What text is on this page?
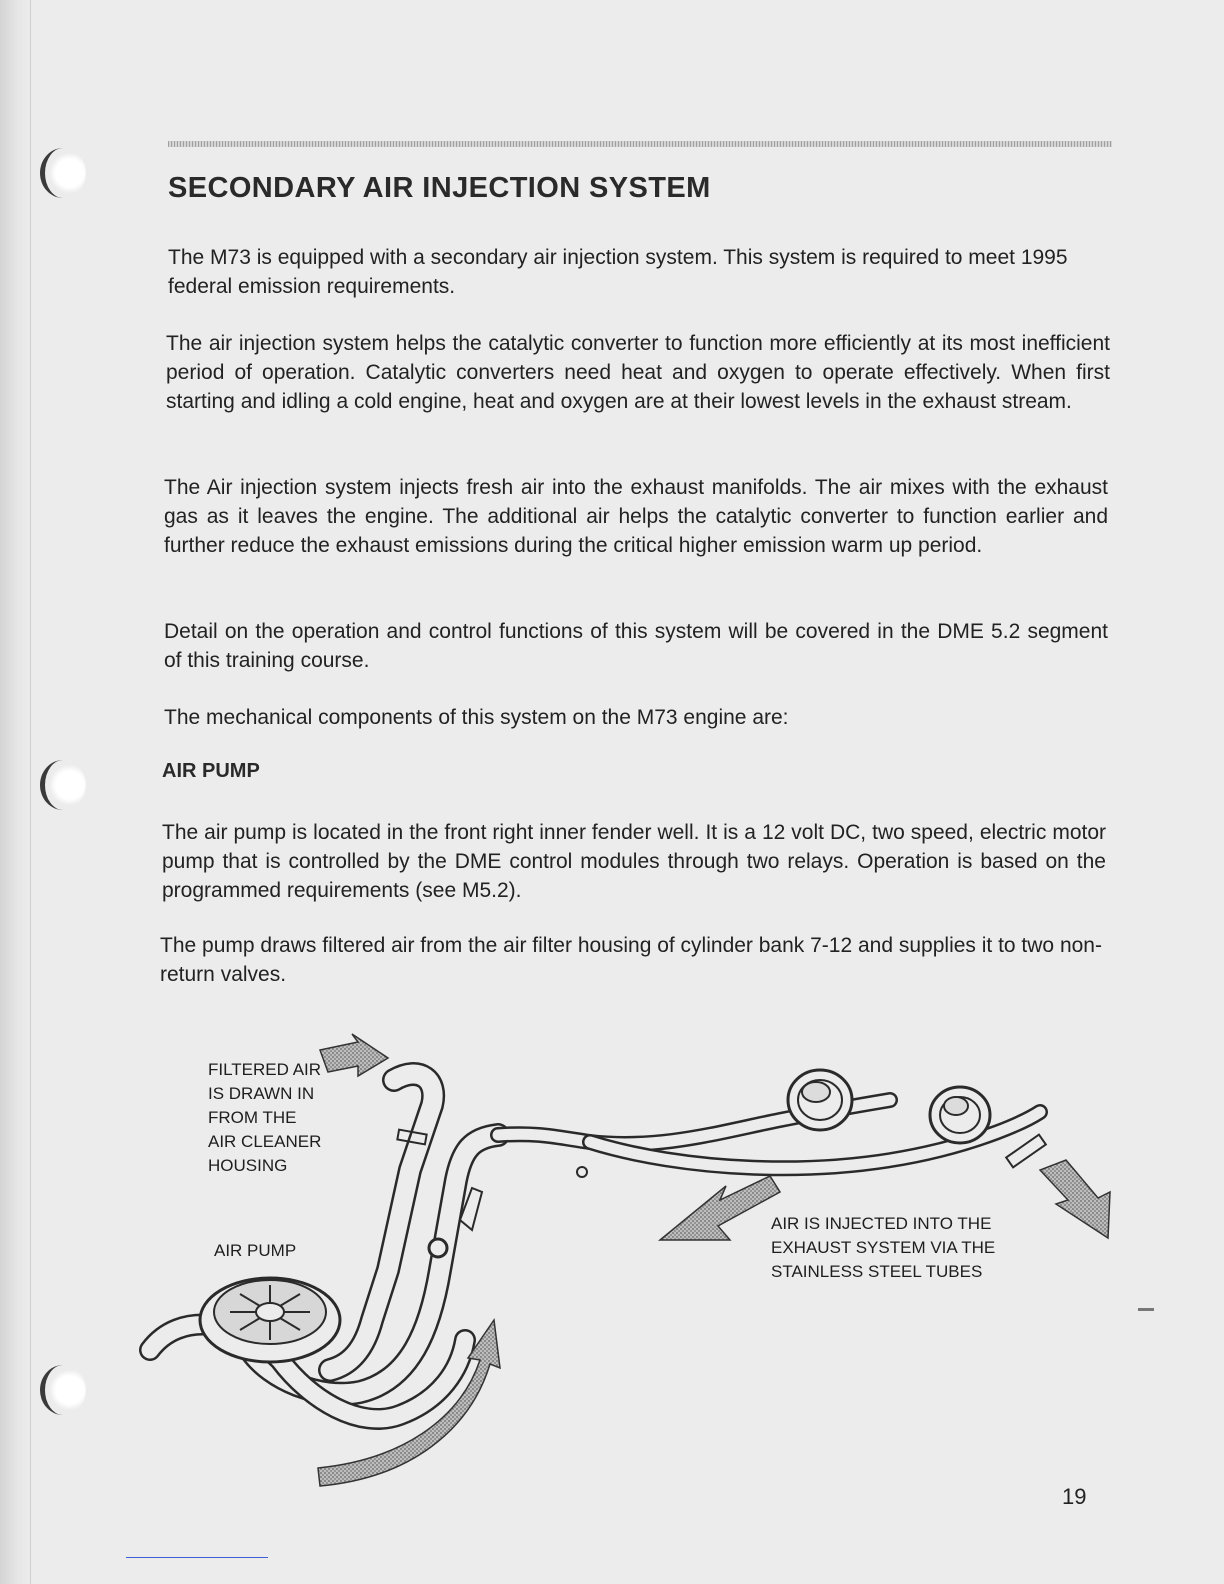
SECONDARY AIR INJECTION SYSTEM

The M73 is equipped with a secondary air injection system. This system is required to meet 1995 federal emission requirements.

The air injection system helps the catalytic converter to function more efficiently at its most inefficient period of operation. Catalytic converters need heat and oxygen to operate effectively. When first starting and idling a cold engine, heat and oxygen are at their lowest levels in the exhaust stream.

The Air injection system injects fresh air into the exhaust manifolds. The air mixes with the exhaust gas as it leaves the engine. The additional air helps the catalytic converter to function earlier and further reduce the exhaust emissions during the critical higher emission warm up period.

Detail on the operation and control functions of this system will be covered in the DME 5.2 segment of this training course.

The mechanical components of this system on the M73 engine are:

AIR PUMP

The air pump is located in the front right inner fender well. It is a 12 volt DC, two speed, electric motor pump that is controlled by the DME control modules through two relays. Operation is based on the programmed requirements (see M5.2).

The pump draws filtered air from the air filter housing of cylinder bank 7-12 and supplies it to two non-return valves.

FILTERED AIR
IS DRAWN IN
FROM THE
AIR CLEANER
HOUSING
AIR PUMP
AIR IS INJECTED INTO THE
EXHAUST SYSTEM VIA THE
STAINLESS STEEL TUBES
19
